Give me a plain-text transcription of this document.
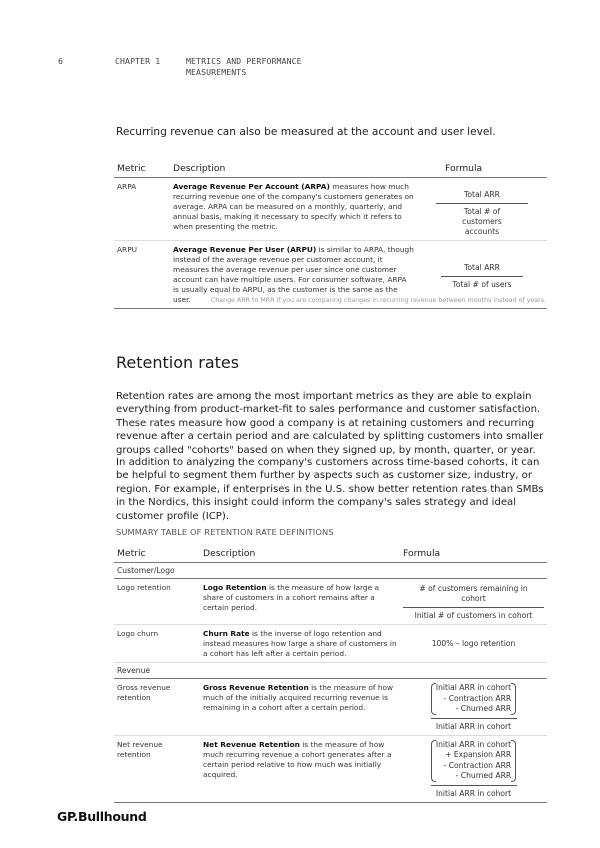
6	CHAPTER 1	METRICS AND PERFORMANCE MEASUREMENTS

Recurring revenue can also be measured at the account and user level.

Metric	Description	Formula
ARPA	Average Revenue Per Account (ARPA) measures how much recurring revenue one of the company's customers generates on average. ARPA can be measured on a monthly, quarterly, and annual basis, making it necessary to specify which it refers to when presenting the metric.	$\frac{\text{Total ARR}}{\text{Total \# of customers accounts}}$

ARPU	Average Revenue Per User (ARPU) is similar to ARPA, though instead of the average revenue per customer account, it measures the average revenue per user since one customer account can have multiple users. For consumer software, ARPA is usually equal to ARPU, as the customer is the same as the user.	$\frac{\text{Total ARR}}{\text{Total \# of users}}$

Change ARR to MRR if you are comparing changes in recurring revenue between months instead of years.

Retention rates

Retention rates are among the most important metrics as they are able to explain everything from product-market-fit to sales performance and customer satisfaction. These rates measure how good a company is at retaining customers and recurring revenue after a certain period and are calculated by splitting customers into smaller groups called "cohorts" based on when they signed up, by month, quarter, or year.

In addition to analyzing the company's customers across time-based cohorts, it can be helpful to segment them further by aspects such as customer size, industry, or region. For example, if enterprises in the U.S. show better retention rates than SMBs in the Nordics, this insight could inform the company's sales strategy and ideal customer profile (ICP).

SUMMARY TABLE OF RETENTION RATE DEFINITIONS

Metric	Description	Formula
Customer/Logo		
Logo retention	Logo Retention is the measure of how large a share of customers in a cohort remains after a certain period.	$\frac{\text{\# of customers remaining in cohort}}{\text{Initial \# of customers in cohort}}$

Logo churn	Churn Rate is the inverse of logo retention and instead measures how large a share of customers in a cohort has left after a certain period.	100% – logo retention
Revenue		
Gross revenue retention	Gross Revenue Retention is the measure of how much of the initially acquired recurring revenue is remaining in a cohort after a certain period.	Initial ARR in cohort
- Contraction ARR
- Churned ARR
Initial ARR in cohort

Net revenue retention	Net Revenue Retention is the measure of how much recurring revenue a cohort generates after a certain period relative to how much was initially acquired.	Initial ARR in cohort
+ Expansion ARR
- Contraction ARR
- Churned ARR
Initial ARR in cohort
GP.Bullhound
